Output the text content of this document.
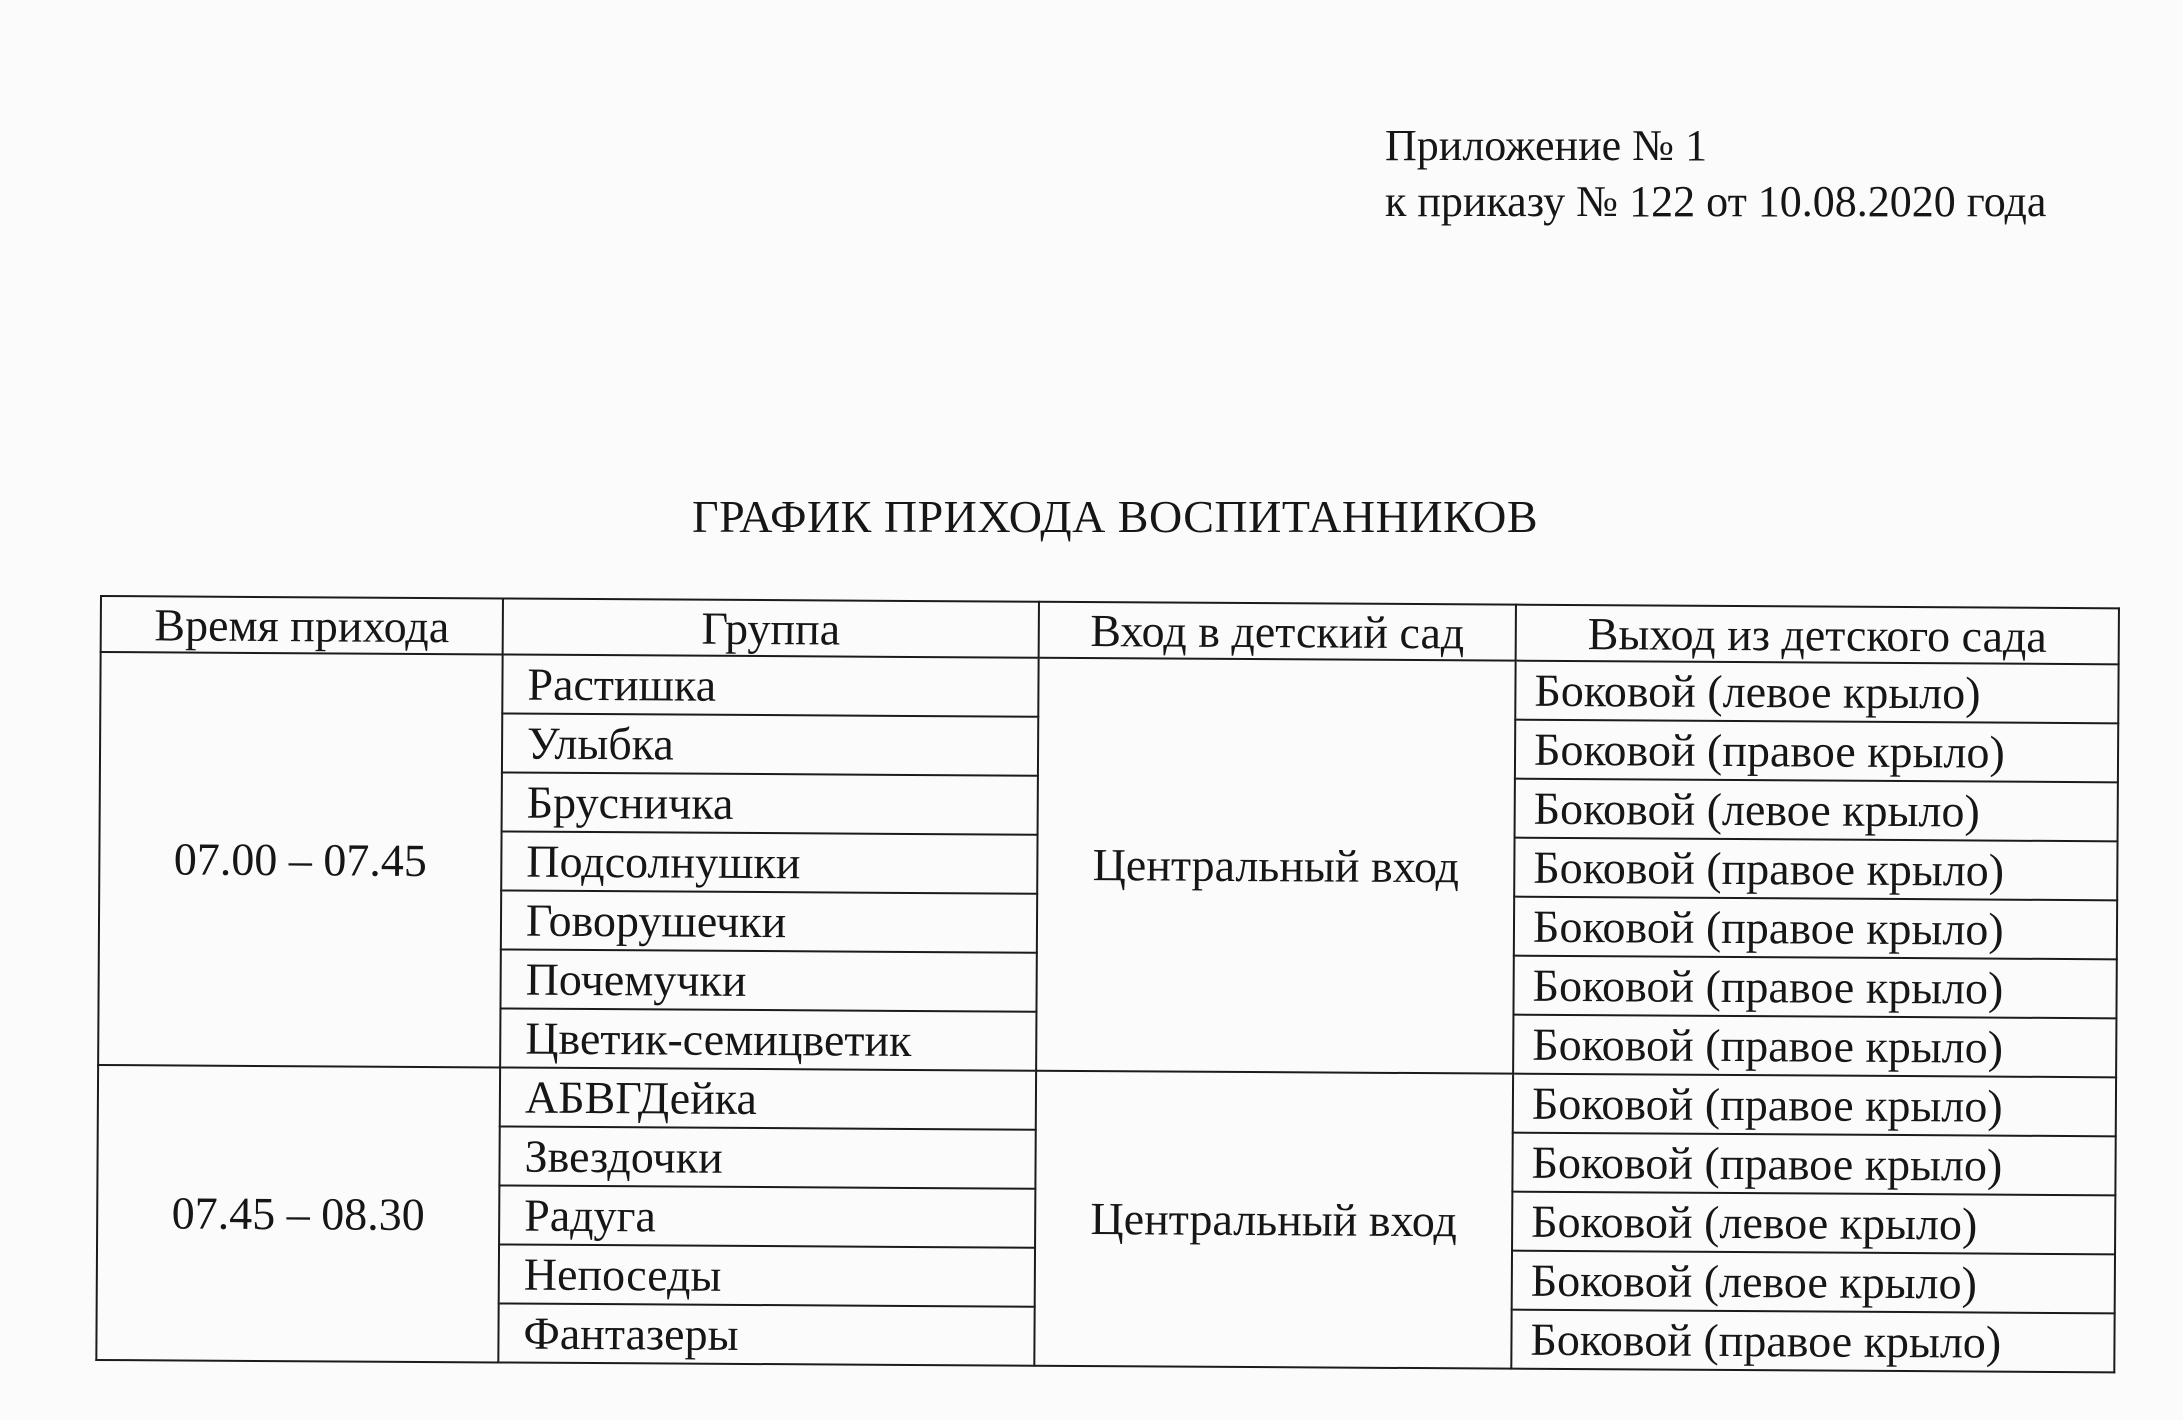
Приложение № 1
к приказу № 122 от 10.08.2020 года
ГРАФИК ПРИХОДА ВОСПИТАННИКОВ
Время прихода	Группа	Вход в детский сад	Выход из детского сада
07.00 – 07.45	Растишка	Центральный вход	Боковой (левое крыло)
	Улыбка		Боковой (правое крыло)
	Брусничка		Боковой (левое крыло)
	Подсолнушки		Боковой (правое крыло)
	Говорушечки		Боковой (правое крыло)
	Почемучки		Боковой (правое крыло)
	Цветик-семицветик		Боковой (правое крыло)
07.45 – 08.30	АБВГДейка	Центральный вход	Боковой (правое крыло)
	Звездочки		Боковой (правое крыло)
	Радуга		Боковой (левое крыло)
	Непоседы		Боковой (левое крыло)
	Фантазеры		Боковой (правое крыло)
